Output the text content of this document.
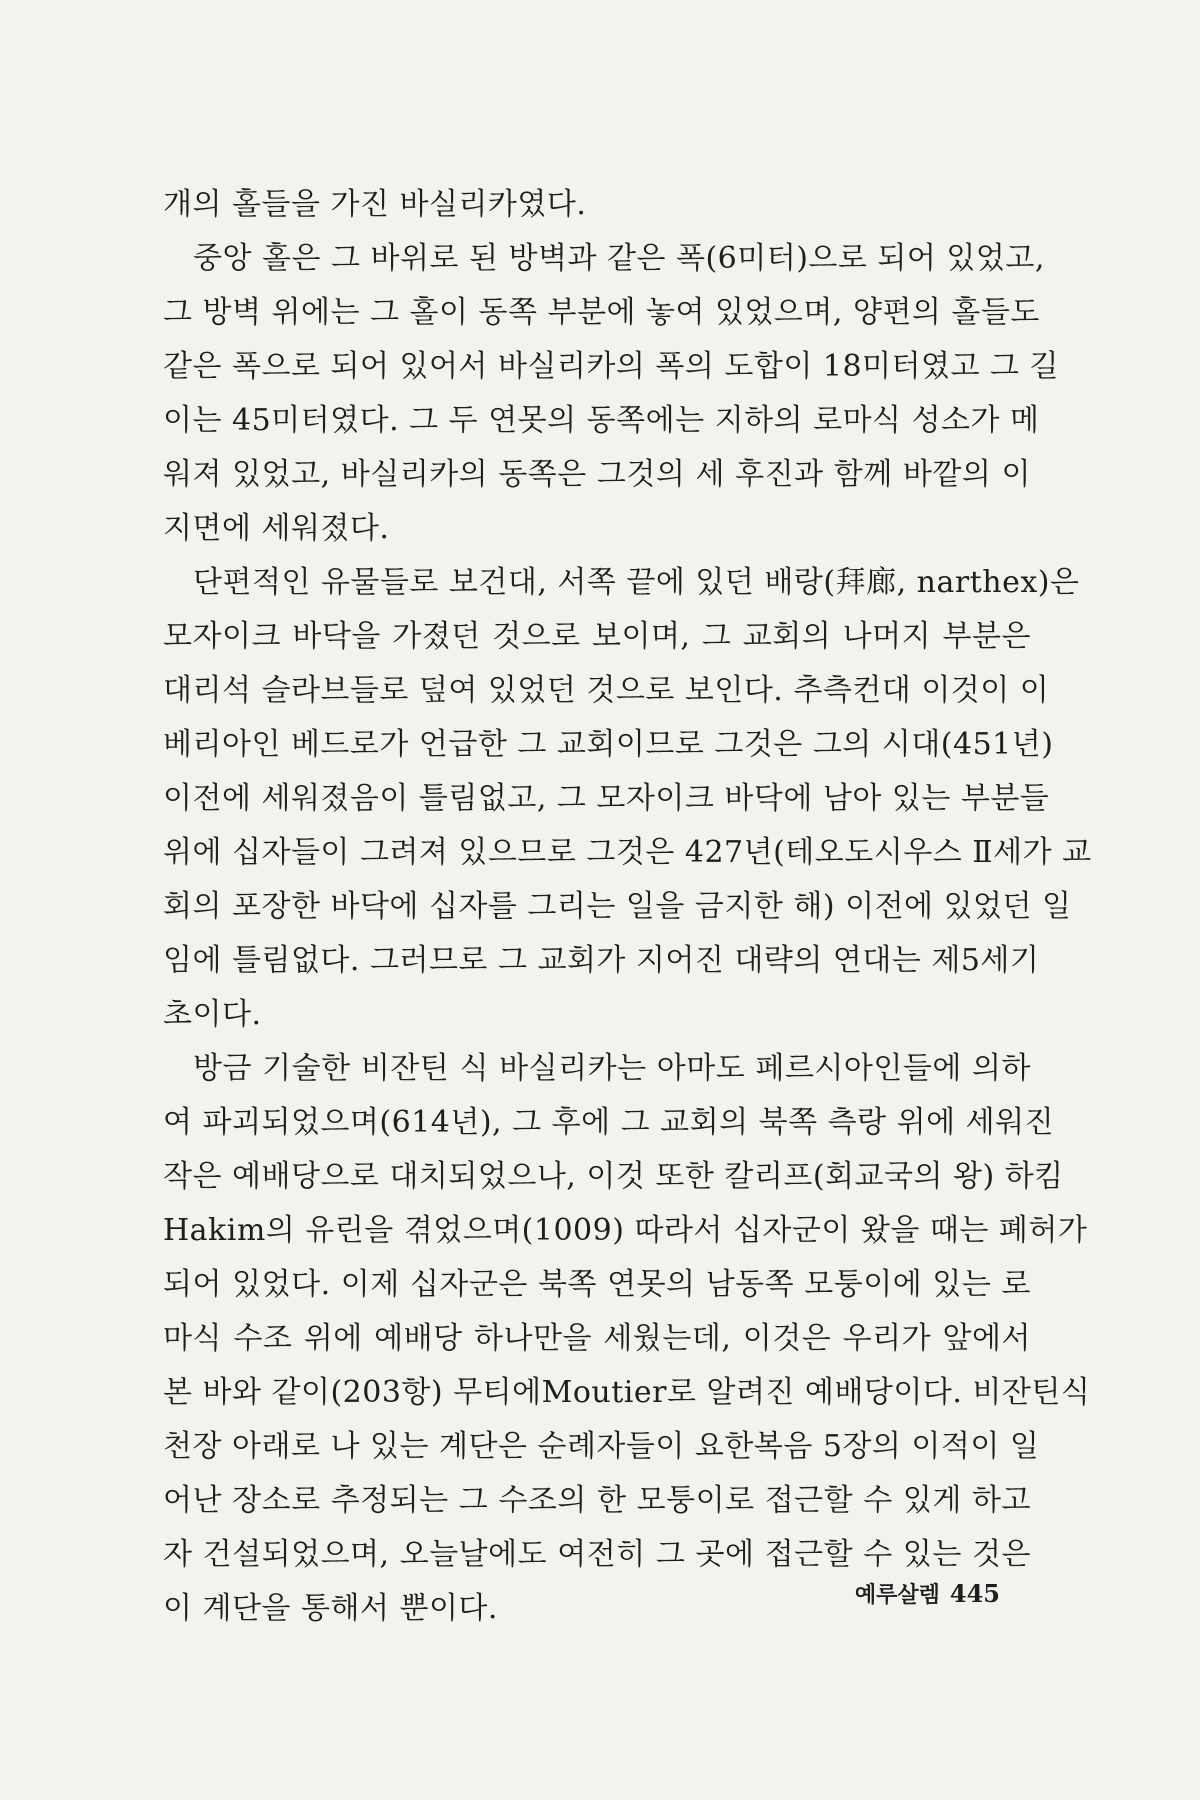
개의 홀들을 가진 바실리카였다.
중앙 홀은 그 바위로 된 방벽과 같은 폭(6미터)으로 되어 있었고,
그 방벽 위에는 그 홀이 동쪽 부분에 놓여 있었으며, 양편의 홀들도
같은 폭으로 되어 있어서 바실리카의 폭의 도합이 18미터였고 그 길
이는 45미터였다. 그 두 연못의 동쪽에는 지하의 로마식 성소가 메
워져 있었고, 바실리카의 동쪽은 그것의 세 후진과 함께 바깥의 이
지면에 세워졌다.
단편적인 유물들로 보건대, 서쪽 끝에 있던 배랑(拜廊, narthex)은
모자이크 바닥을 가졌던 것으로 보이며, 그 교회의 나머지 부분은
대리석 슬라브들로 덮여 있었던 것으로 보인다. 추측컨대 이것이 이
베리아인 베드로가 언급한 그 교회이므로 그것은 그의 시대(451년)
이전에 세워졌음이 틀림없고, 그 모자이크 바닥에 남아 있는 부분들
위에 십자들이 그려져 있으므로 그것은 427년(테오도시우스 Ⅱ세가 교
회의 포장한 바닥에 십자를 그리는 일을 금지한 해) 이전에 있었던 일
임에 틀림없다. 그러므로 그 교회가 지어진 대략의 연대는 제5세기
초이다.
방금 기술한 비잔틴 식 바실리카는 아마도 페르시아인들에 의하
여 파괴되었으며(614년), 그 후에 그 교회의 북쪽 측랑 위에 세워진
작은 예배당으로 대치되었으나, 이것 또한 칼리프(회교국의 왕) 하킴
Hakim의 유린을 겪었으며(1009) 따라서 십자군이 왔을 때는 폐허가
되어 있었다. 이제 십자군은 북쪽 연못의 남동쪽 모퉁이에 있는 로
마식 수조 위에 예배당 하나만을 세웠는데, 이것은 우리가 앞에서
본 바와 같이(203항) 무티에Moutier로 알려진 예배당이다. 비잔틴식
천장 아래로 나 있는 계단은 순례자들이 요한복음 5장의 이적이 일
어난 장소로 추정되는 그 수조의 한 모퉁이로 접근할 수 있게 하고
자 건설되었으며, 오늘날에도 여전히 그 곳에 접근할 수 있는 것은
이 계단을 통해서 뿐이다.	예루살렘 445
